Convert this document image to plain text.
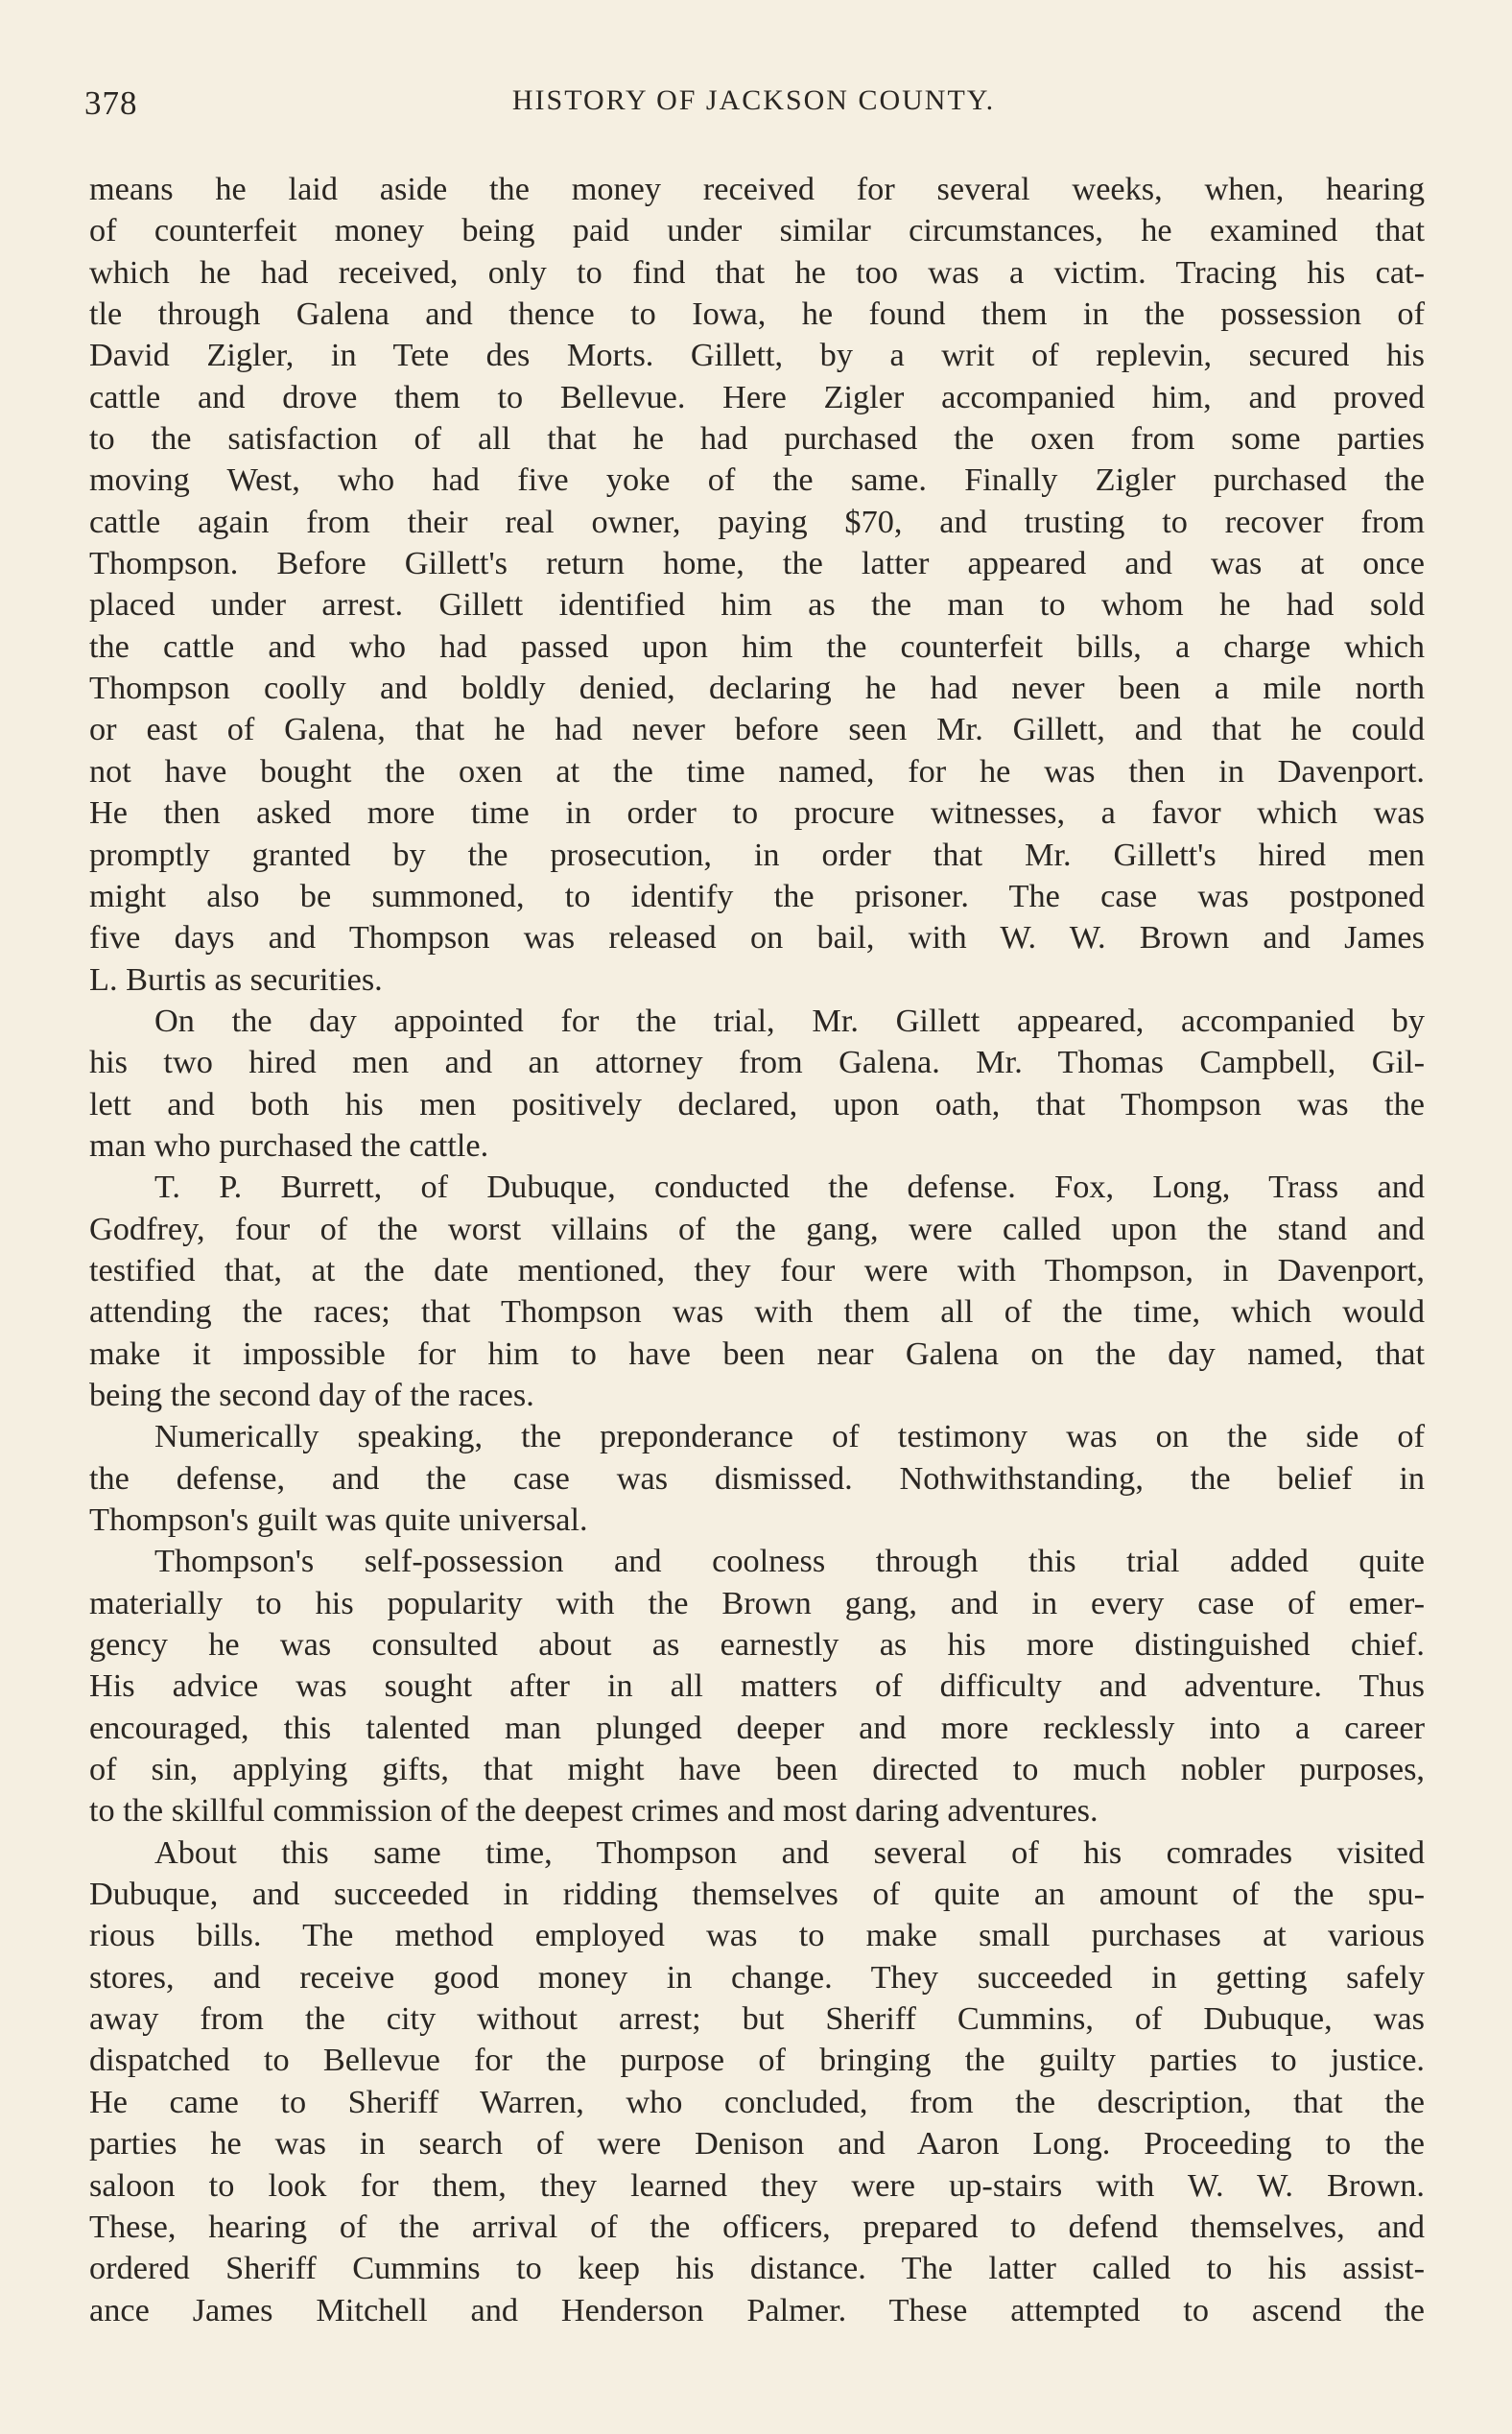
378	HISTORY OF JACKSON COUNTY.
means he laid aside the money received for several weeks, when, hearing
of counterfeit money being paid under similar circumstances, he examined that
which he had received, only to find that he too was a victim. Tracing his cat-
tle through Galena and thence to Iowa, he found them in the possession of
David Zigler, in Tete des Morts. Gillett, by a writ of replevin, secured his
cattle and drove them to Bellevue. Here Zigler accompanied him, and proved
to the satisfaction of all that he had purchased the oxen from some parties
moving West, who had five yoke of the same. Finally Zigler purchased the
cattle again from their real owner, paying $70, and trusting to recover from
Thompson. Before Gillett's return home, the latter appeared and was at once
placed under arrest. Gillett identified him as the man to whom he had sold
the cattle and who had passed upon him the counterfeit bills, a charge which
Thompson coolly and boldly denied, declaring he had never been a mile north
or east of Galena, that he had never before seen Mr. Gillett, and that he could
not have bought the oxen at the time named, for he was then in Davenport.
He then asked more time in order to procure witnesses, a favor which was
promptly granted by the prosecution, in order that Mr. Gillett's hired men
might also be summoned, to identify the prisoner. The case was postponed
five days and Thompson was released on bail, with W. W. Brown and James
L. Burtis as securities.
On the day appointed for the trial, Mr. Gillett appeared, accompanied by
his two hired men and an attorney from Galena. Mr. Thomas Campbell, Gil-
lett and both his men positively declared, upon oath, that Thompson was the
man who purchased the cattle.
T. P. Burrett, of Dubuque, conducted the defense. Fox, Long, Trass and
Godfrey, four of the worst villains of the gang, were called upon the stand and
testified that, at the date mentioned, they four were with Thompson, in Davenport,
attending the races; that Thompson was with them all of the time, which would
make it impossible for him to have been near Galena on the day named, that
being the second day of the races.
Numerically speaking, the preponderance of testimony was on the side of
the defense, and the case was dismissed. Nothwithstanding, the belief in
Thompson's guilt was quite universal.
Thompson's self-possession and coolness through this trial added quite
materially to his popularity with the Brown gang, and in every case of emer-
gency he was consulted about as earnestly as his more distinguished chief.
His advice was sought after in all matters of difficulty and adventure. Thus
encouraged, this talented man plunged deeper and more recklessly into a career
of sin, applying gifts, that might have been directed to much nobler purposes,
to the skillful commission of the deepest crimes and most daring adventures.
About this same time, Thompson and several of his comrades visited
Dubuque, and succeeded in ridding themselves of quite an amount of the spu-
rious bills. The method employed was to make small purchases at various
stores, and receive good money in change. They succeeded in getting safely
away from the city without arrest; but Sheriff Cummins, of Dubuque, was
dispatched to Bellevue for the purpose of bringing the guilty parties to justice.
He came to Sheriff Warren, who concluded, from the description, that the
parties he was in search of were Denison and Aaron Long. Proceeding to the
saloon to look for them, they learned they were up-stairs with W. W. Brown.
These, hearing of the arrival of the officers, prepared to defend themselves, and
ordered Sheriff Cummins to keep his distance. The latter called to his assist-
ance James Mitchell and Henderson Palmer. These attempted to ascend the
